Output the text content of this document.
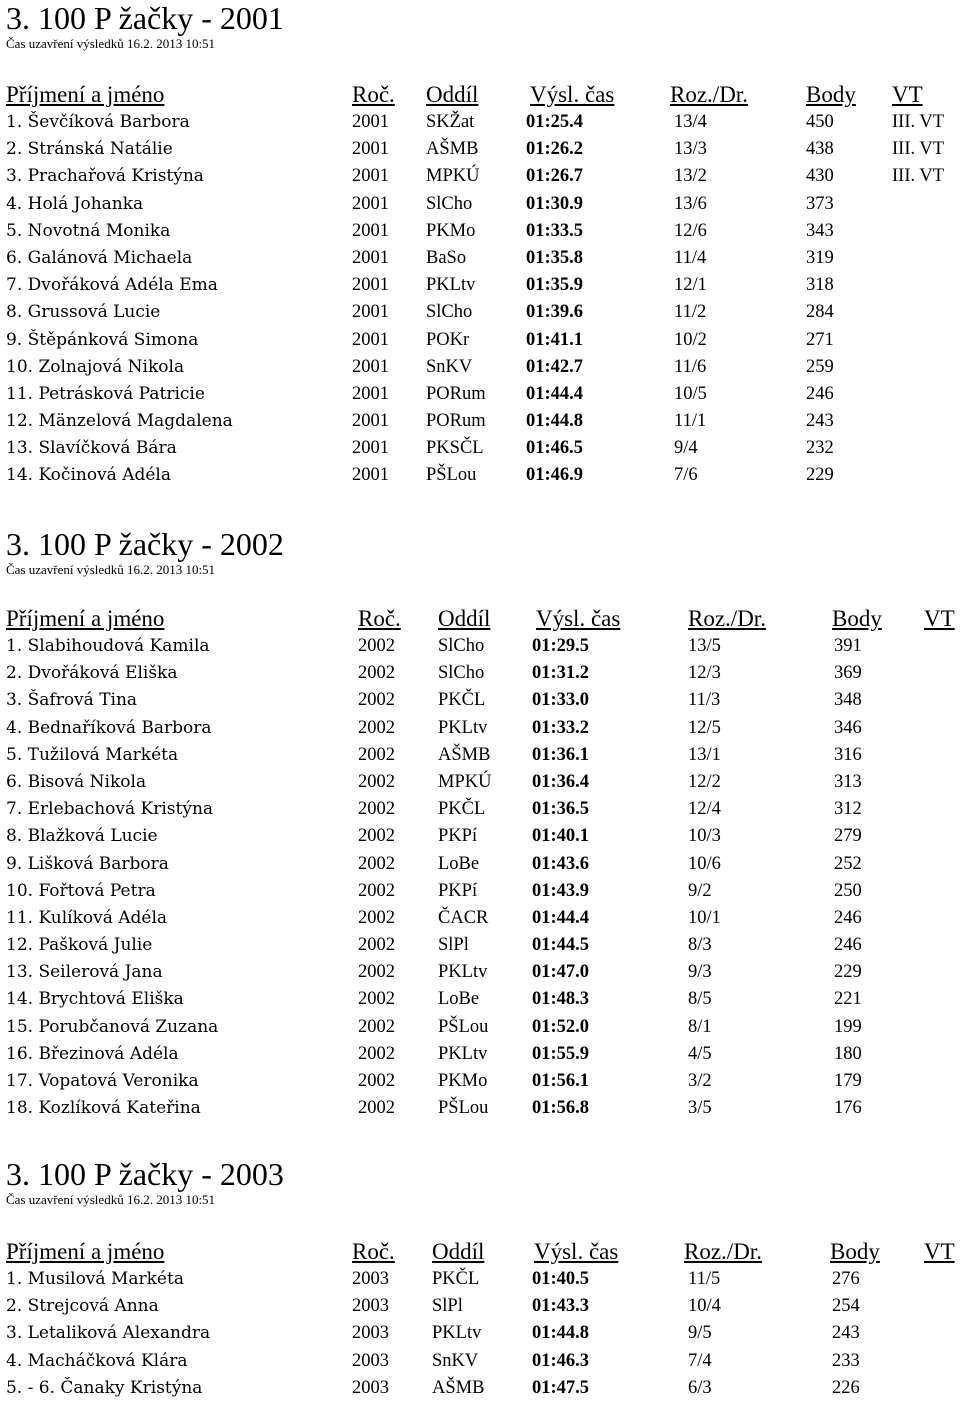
3. 100 P žačky - 2001
Čas uzavření výsledků 16.2. 2013 10:51
Příjmení a jméno	Roč. Oddíl Výsl. čas Roz./Dr.	Body VT
1. Ševčíková Barbora	2001 SKŽat	01:25.4	13/4	450	III. VT
2. Stránská Natálie	2001 AŠMB	01:26.2	13/3	438	III. VT
3. Prachařová Kristýna	2001 MPKÚ	01:26.7	13/2	430	III. VT
4. Holá Johanka	2001 SlCho	01:30.9	13/6	373
5. Novotná Monika	2001 PKMo	01:33.5	12/6	343
6. Galánová Michaela	2001 BaSo	01:35.8	11/4	319
7. Dvořáková Adéla Ema	2001 PKLtv	01:35.9	12/1	318
8. Grussová Lucie	2001 SlCho	01:39.6	11/2	284
9. Štěpánková Simona	2001 POKr	01:41.1	10/2	271
10. Zolnajová Nikola	2001 SnKV	01:42.7	11/6	259
11. Petrásková Patricie	2001 PORum 01:44.4	10/5	246
12. Mänzelová Magdalena	2001 PORum 01:44.8	11/1	243
13. Slavíčková Bára	2001 PKSČL 01:46.5	9/4	232
14. Kočinová Adéla	2001 PŠLou	01:46.9	7/6	229
3. 100 P žačky - 2002
Čas uzavření výsledků 16.2. 2013 10:51
Příjmení a jméno	Roč. Oddíl Výsl. čas	Roz./Dr.	Body VT
1. Slabihoudová Kamila	2002 SlCho	01:29.5	13/5	391
2. Dvořáková Eliška	2002 SlCho	01:31.2	12/3	369
3. Šafrová Tina	2002 PKČL	01:33.0	11/3	348
4. Bednaříková Barbora	2002 PKLtv 01:33.2	12/5	346
5. Tužilová Markéta	2002 AŠMB 01:36.1	13/1	316
6. Bisová Nikola	2002 MPKÚ 01:36.4	12/2	313
7. Erlebachová Kristýna	2002 PKČL	01:36.5	12/4	312
8. Blažková Lucie	2002 PKPí	01:40.1	10/3	279
9. Lišková Barbora	2002 LoBe	01:43.6	10/6	252
10. Fořtová Petra	2002 PKPí	01:43.9	9/2	250
11. Kulíková Adéla	2002 ČACR 01:44.4	10/1	246
12. Pašková Julie	2002 SlPl	01:44.5	8/3	246
13. Seilerová Jana	2002 PKLtv 01:47.0	9/3	229
14. Brychtová Eliška	2002 LoBe	01:48.3	8/5	221
15. Porubčanová Zuzana	2002 PŠLou 01:52.0	8/1	199
16. Březinová Adéla	2002 PKLtv 01:55.9	4/5	180
17. Vopatová Veronika	2002 PKMo 01:56.1	3/2	179
18. Kozlíková Kateřina	2002 PŠLou 01:56.8	3/5	176
3. 100 P žačky - 2003
Čas uzavření výsledků 16.2. 2013 10:51
Příjmení a jméno	Roč. Oddíl Výsl. čas	Roz./Dr.	Body VT
1. Musilová Markéta	2003 PKČL	01:40.5	11/5	276
2. Strejcová Anna	2003 SlPl	01:43.3	10/4	254
3. Letaliková Alexandra	2003 PKLtv	01:44.8	9/5	243
4. Macháčková Klára	2003 SnKV	01:46.3	7/4	233
5. - 6. Čanaky Kristýna	2003 AŠMB	01:47.5	6/3	226
